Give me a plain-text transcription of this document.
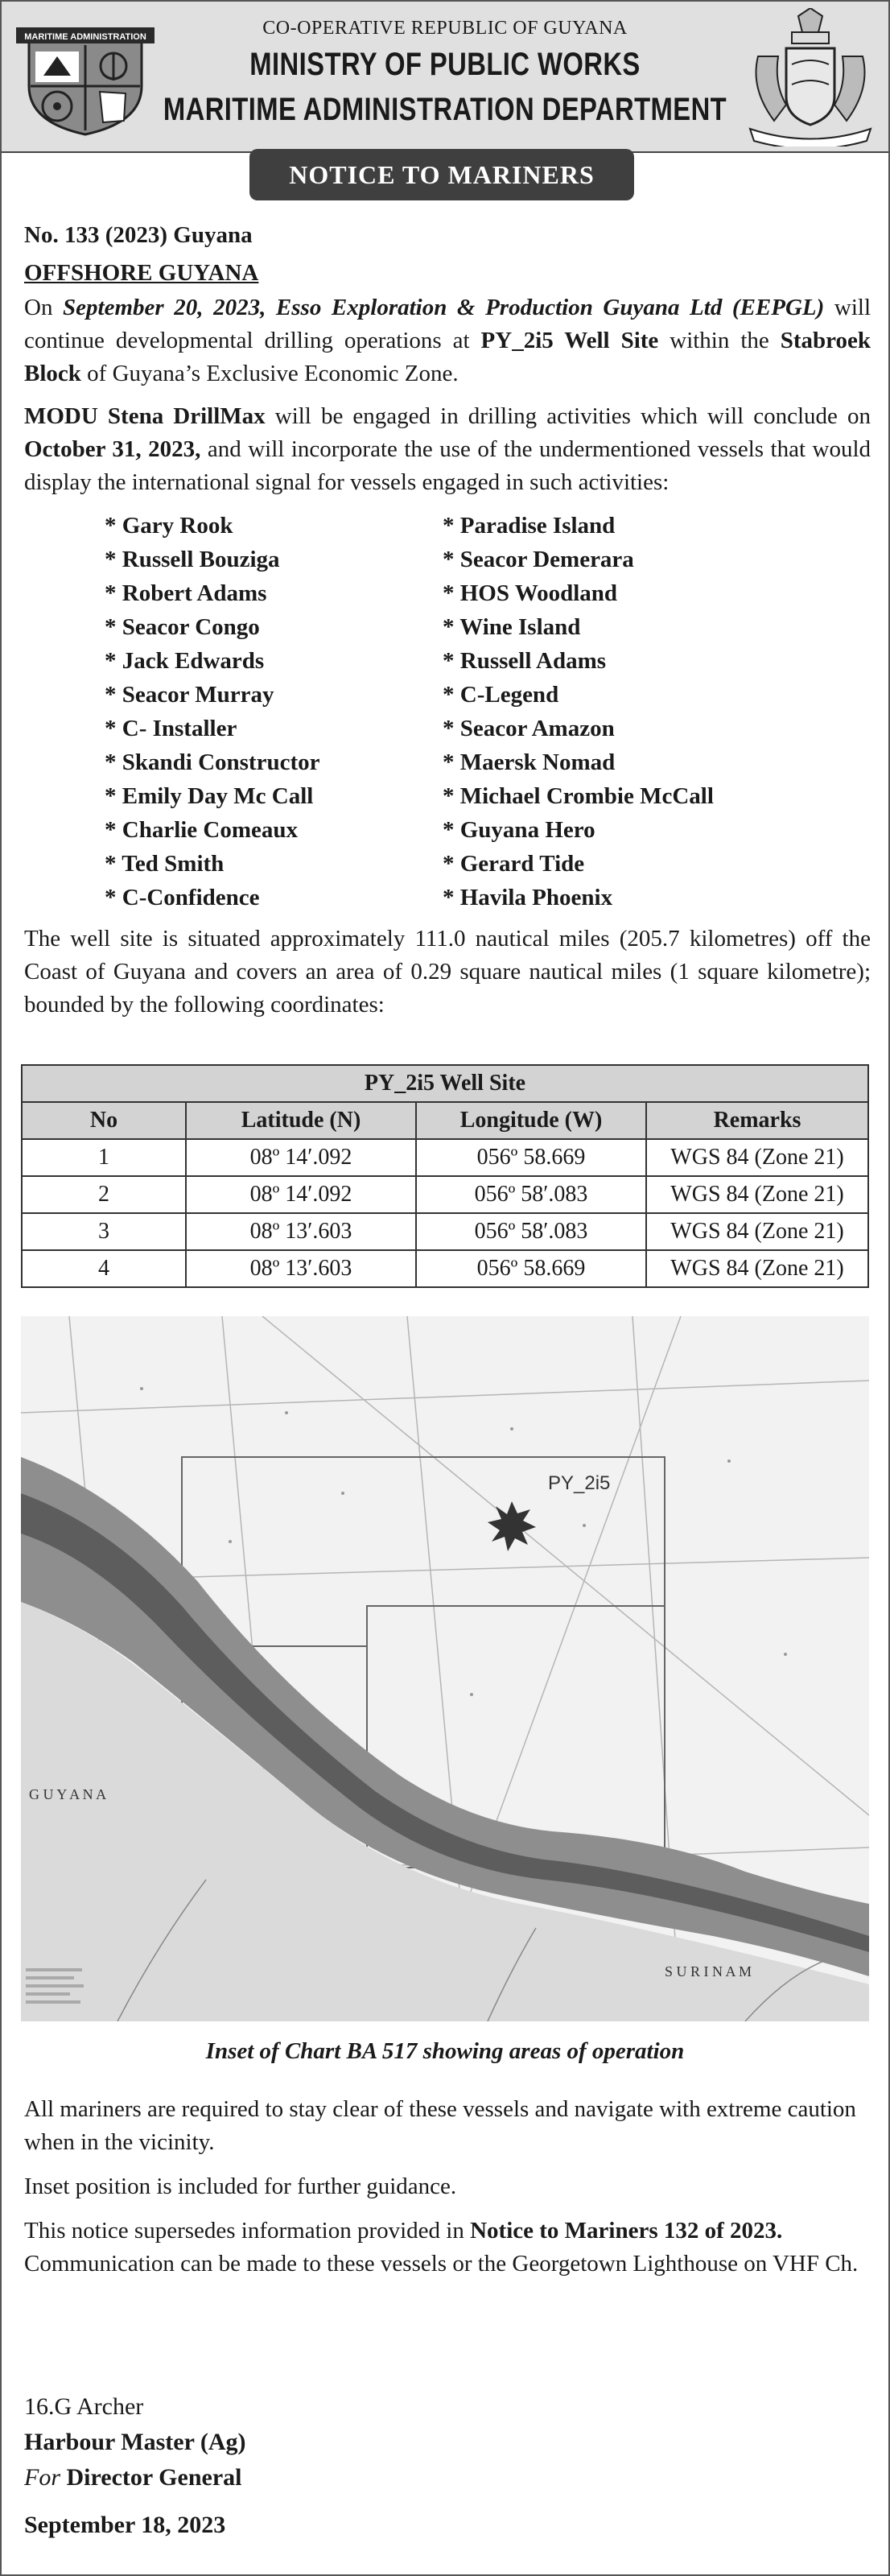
MARITIME ADMINISTRATION	CO-OPERATIVE REPUBLIC OF GUYANA
MINISTRY OF PUBLIC WORKS
MARITIME ADMINISTRATION DEPARTMENT
NOTICE TO MARINERS
No. 133 (2023) Guyana
OFFSHORE GUYANA

On September 20, 2023, Esso Exploration & Production Guyana Ltd (EEPGL) will continue developmental drilling operations at PY_2i5 Well Site within the Stabroek Block of Guyana’s Exclusive Economic Zone.

MODU Stena DrillMax will be engaged in drilling activities which will conclude on October 31, 2023, and will incorporate the use of the undermentioned vessels that would display the international signal for vessels engaged in such activities:

* Gary Rook
* Russell Bouziga
* Robert Adams
* Seacor Congo
* Jack Edwards
* Seacor Murray
* C- Installer
* Skandi Constructor
* Emily Day Mc Call
* Charlie Comeaux
* Ted Smith
* C-Confidence
* Paradise Island
* Seacor Demerara
* HOS Woodland
* Wine Island
* Russell Adams
* C-Legend
* Seacor Amazon
* Maersk Nomad
* Michael Crombie McCall
* Guyana Hero
* Gerard Tide
* Havila Phoenix

The well site is situated approximately 111.0 nautical miles (205.7 kilometres) off the Coast of Guyana and covers an area of 0.29 square nautical miles (1 square kilometre); bounded by the following coordinates:

PY_2i5 Well Site			
No	Latitude (N)	Longitude (W)	Remarks
1	08º 14′.092	056º 58.669	WGS 84 (Zone 21)
2	08º 14′.092	056º 58′.083	WGS 84 (Zone 21)
3	08º 13′.603	056º 58′.083	WGS 84 (Zone 21)
4	08º 13′.603	056º 58.669	WGS 84 (Zone 21)
PY_2i5
G U Y A N A
S U R I N A M
Inset of Chart BA 517 showing areas of operation

All mariners are required to stay clear of these vessels and navigate with extreme caution when in the vicinity.

Inset position is included for further guidance.

This notice supersedes information provided in Notice to Mariners 132 of 2023. Communication can be made to these vessels or the Georgetown Lighthouse on VHF Ch.

16.G Archer
Harbour Master (Ag)
For Director General
September 18, 2023
